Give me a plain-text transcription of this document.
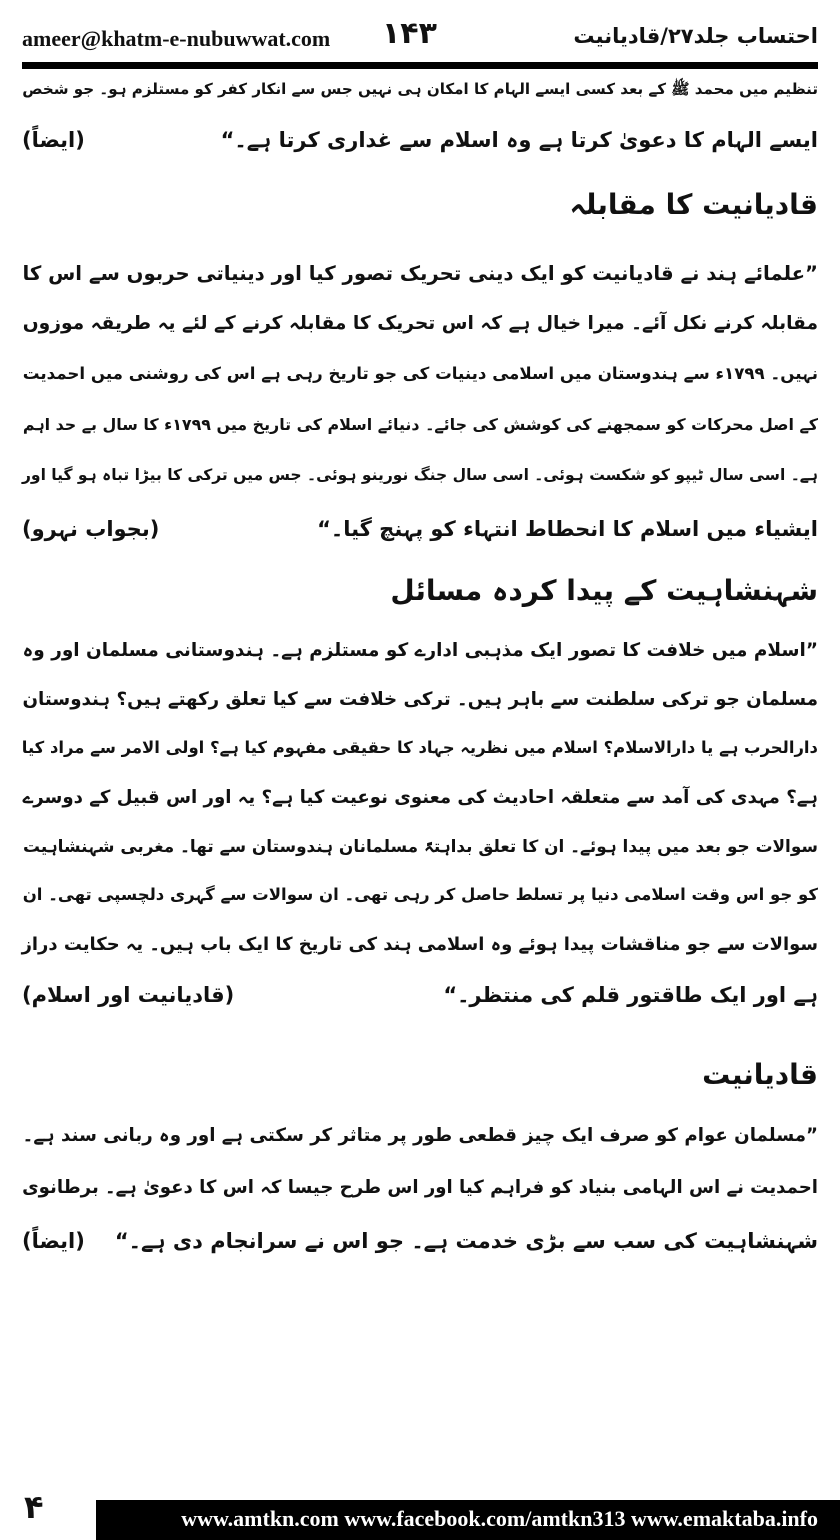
ameer@khatm-e-nubuwwat.com ۱۴۳	احتساب جلد۲۷/قادیانیت
تنظیم میں محمد ﷺ کے بعد کسی ایسے الہام کا امکان ہی نہیں جس سے انکار کفر کو مستلزم ہو۔ جو شخص
ایسے الہام کا دعویٰ کرتا ہے وہ اسلام سے غداری کرتا ہے۔“
(ایضاً)
قادیانیت کا مقابلہ
”علمائے ہند نے قادیانیت کو ایک دینی تحریک تصور کیا اور دینیاتی حربوں سے اس کا
مقابلہ کرنے نکل آئے۔ میرا خیال ہے کہ اس تحریک کا مقابلہ کرنے کے لئے یہ طریقہ موزوں
نہیں۔ ۱۷۹۹ء سے ہندوستان میں اسلامی دینیات کی جو تاریخ رہی ہے اس کی روشنی میں احمدیت
کے اصل محرکات کو سمجھنے کی کوشش کی جائے۔ دنیائے اسلام کی تاریخ میں ۱۷۹۹ء کا سال بے حد اہم
ہے۔ اسی سال ٹیپو کو شکست ہوئی۔ اسی سال جنگ نورینو ہوئی۔ جس میں ترکی کا بیڑا تباہ ہو گیا اور
ایشیاء میں اسلام کا انحطاط انتہاء کو پہنچ گیا۔“
(بجواب نہرو)
شہنشاہیت کے پیدا کردہ مسائل
”اسلام میں خلافت کا تصور ایک مذہبی ادارے کو مستلزم ہے۔ ہندوستانی مسلمان اور وہ
مسلمان جو ترکی سلطنت سے باہر ہیں۔ ترکی خلافت سے کیا تعلق رکھتے ہیں؟ ہندوستان
دارالحرب ہے یا دارالاسلام؟ اسلام میں نظریہ جہاد کا حقیقی مفہوم کیا ہے؟ اولی الامر سے مراد کیا
ہے؟ مہدی کی آمد سے متعلقہ احادیث کی معنوی نوعیت کیا ہے؟ یہ اور اس قبیل کے دوسرے
سوالات جو بعد میں پیدا ہوئے۔ ان کا تعلق بداہتہً مسلمانان ہندوستان سے تھا۔ مغربی شہنشاہیت
کو جو اس وقت اسلامی دنیا پر تسلط حاصل کر رہی تھی۔ ان سوالات سے گہری دلچسپی تھی۔ ان
سوالات سے جو مناقشات پیدا ہوئے وہ اسلامی ہند کی تاریخ کا ایک باب ہیں۔ یہ حکایت دراز
ہے اور ایک طاقتور قلم کی منتظر۔“
(قادیانیت اور اسلام)
قادیانیت
”مسلمان عوام کو صرف ایک چیز قطعی طور پر متاثر کر سکتی ہے اور وہ ربانی سند ہے۔
احمدیت نے اس الہامی بنیاد کو فراہم کیا اور اس طرح جیسا کہ اس کا دعویٰ ہے۔ برطانوی
شہنشاہیت کی سب سے بڑی خدمت ہے۔ جو اس نے سرانجام دی ہے۔“
(ایضاً)
۴	www.amtkn.com www.facebook.com/amtkn313 www.emaktaba.info
